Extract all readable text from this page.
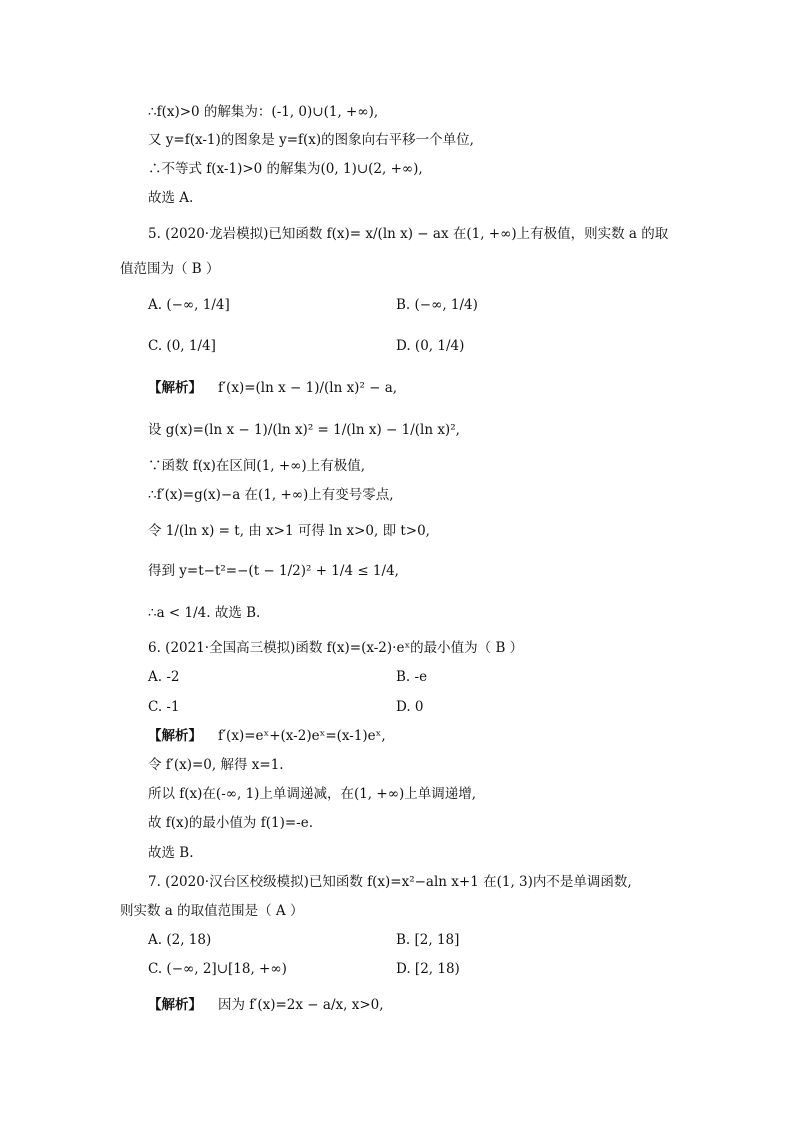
∴f(x)>0 的解集为：(-1, 0)∪(1, +∞),
又 y=f(x-1)的图象是 y=f(x)的图象向右平移一个单位,
∴不等式 f(x-1)>0 的解集为(0, 1)∪(2, +∞),
故选 A.
5. (2020·龙岩模拟)已知函数 f(x)= x/(ln x) − ax 在(1, +∞)上有极值，则实数 a 的取
值范围为（ B ）
A. (−∞, 1/4]	B. (−∞, 1/4)
C. (0, 1/4]	D. (0, 1/4)
【解析】 f′(x)=(ln x − 1)/(ln x)² − a,
设 g(x)=(ln x − 1)/(ln x)² = 1/(ln x) − 1/(ln x)²,
∵函数 f(x)在区间(1, +∞)上有极值,
∴f′(x)=g(x)−a 在(1, +∞)上有变号零点,
令 1/(ln x) = t, 由 x>1 可得 ln x>0, 即 t>0,
得到 y=t−t²=−(t − 1/2)² + 1/4 ≤ 1/4,
∴a < 1/4. 故选 B.
6. (2021·全国高三模拟)函数 f(x)=(x-2)·eˣ的最小值为（ B ）
A. -2	B. -e
C. -1	D. 0
【解析】 f′(x)=eˣ+(x-2)eˣ=(x-1)eˣ,
令 f′(x)=0, 解得 x=1.
所以 f(x)在(-∞, 1)上单调递减，在(1, +∞)上单调递增,
故 f(x)的最小值为 f(1)=-e.
故选 B.
7. (2020·汉台区校级模拟)已知函数 f(x)=x²−aln x+1 在(1, 3)内不是单调函数,
则实数 a 的取值范围是（ A ）
A. (2, 18)	B. [2, 18]
C. (−∞, 2]∪[18, +∞)	D. [2, 18)
【解析】 因为 f′(x)=2x − a/x, x>0,
